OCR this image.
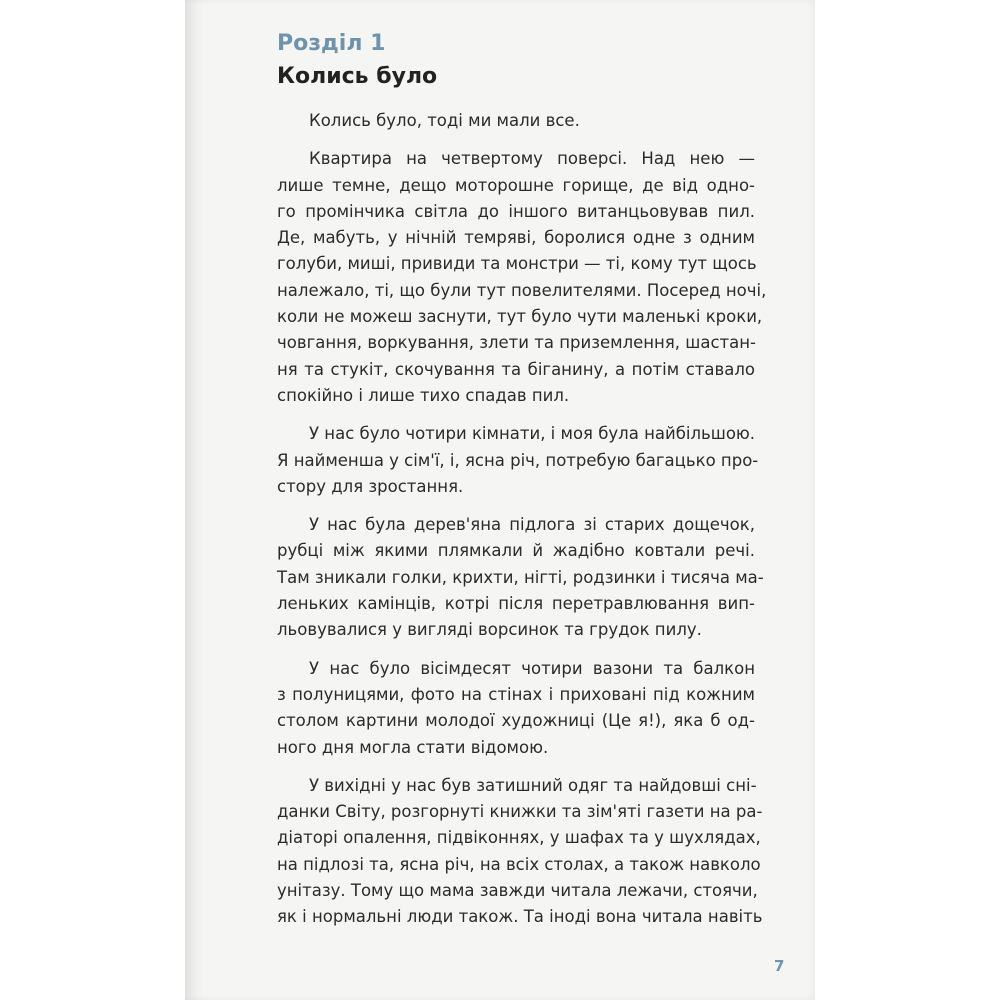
Розділ 1
Колись було

Колись було, тоді ми мали все.

Квартира на четвертому поверсі. Над нею —
лише темне, дещо моторошне горище, де від одно-
го промінчика світла до іншого витанцьовував пил.
Де, мабуть, у нічній темряві, боролися одне з одним
голуби, миші, привиди та монстри — ті, кому тут щось
належало, ті, що були тут повелителями. Посеред ночі,
коли не можеш заснути, тут було чути маленькі кроки,
човгання, воркування, злети та приземлення, шастан-
ня та стукіт, скочування та біганину, а потім ставало
спокійно і лише тихо спадав пил.

У нас було чотири кімнати, і моя була найбільшою.
Я найменша у сім'ї, і, ясна річ, потребую багацько про-
стору для зростання.

У нас була дерев'яна підлога зі старих дощечок,
рубці між якими плямкали й жадібно ковтали речі.
Там зникали голки, крихти, нігті, родзинки і тисяча ма-
леньких камінців, котрі після перетравлювання вип-
льовувалися у вигляді ворсинок та грудок пилу.

У нас було вісімдесят чотири вазони та балкон
з полуницями, фото на стінах і приховані під кожним
столом картини молодої художниці (Це я!), яка б од-
ного дня могла стати відомою.

У вихідні у нас був затишний одяг та найдовші сні-
данки Світу, розгорнуті книжки та зім'яті газети на ра-
діаторі опалення, підвіконнях, у шафах та у шухлядах,
на підлозі та, ясна річ, на всіх столах, а також навколо
унітазу. Тому що мама завжди читала лежачи, стоячи,
як і нормальні люди також. Та іноді вона читала навіть

7
